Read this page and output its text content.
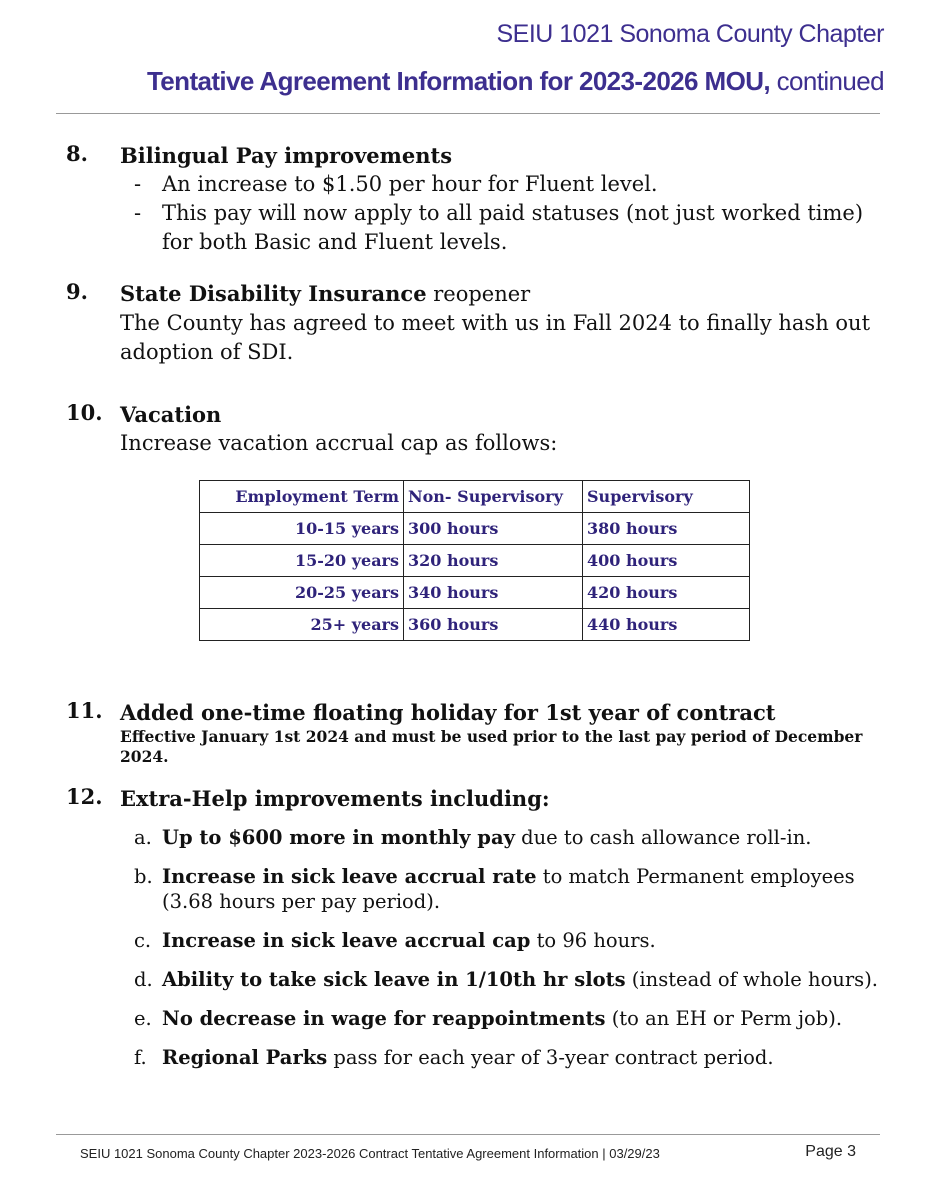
SEIU 1021 Sonoma County Chapter
Tentative Agreement Information for 2023-2026 MOU, continued
8. Bilingual Pay improvements
- An increase to $1.50 per hour for Fluent level.
- This pay will now apply to all paid statuses (not just worked time) for both Basic and Fluent levels.
9. State Disability Insurance reopener
The County has agreed to meet with us in Fall 2024 to finally hash out adoption of SDI.
10. Vacation
Increase vacation accrual cap as follows:
Employment Term	Non- Supervisory	Supervisory
10-15 years	300 hours	380 hours
15-20 years	320 hours	400 hours
20-25 years	340 hours	420 hours
25+ years	360 hours	440 hours
11. Added one-time floating holiday for 1st year of contract
Effective January 1st 2024 and must be used prior to the last pay period of December 2024.
12. Extra-Help improvements including:
a. Up to $600 more in monthly pay due to cash allowance roll-in.
b. Increase in sick leave accrual rate to match Permanent employees (3.68 hours per pay period).
c. Increase in sick leave accrual cap to 96 hours.
d. Ability to take sick leave in 1/10th hr slots (instead of whole hours).
e. No decrease in wage for reappointments (to an EH or Perm job).
f. Regional Parks pass for each year of 3-year contract period.
SEIU 1021 Sonoma County Chapter 2023-2026 Contract Tentative Agreement Information | 03/29/23	Page 3
